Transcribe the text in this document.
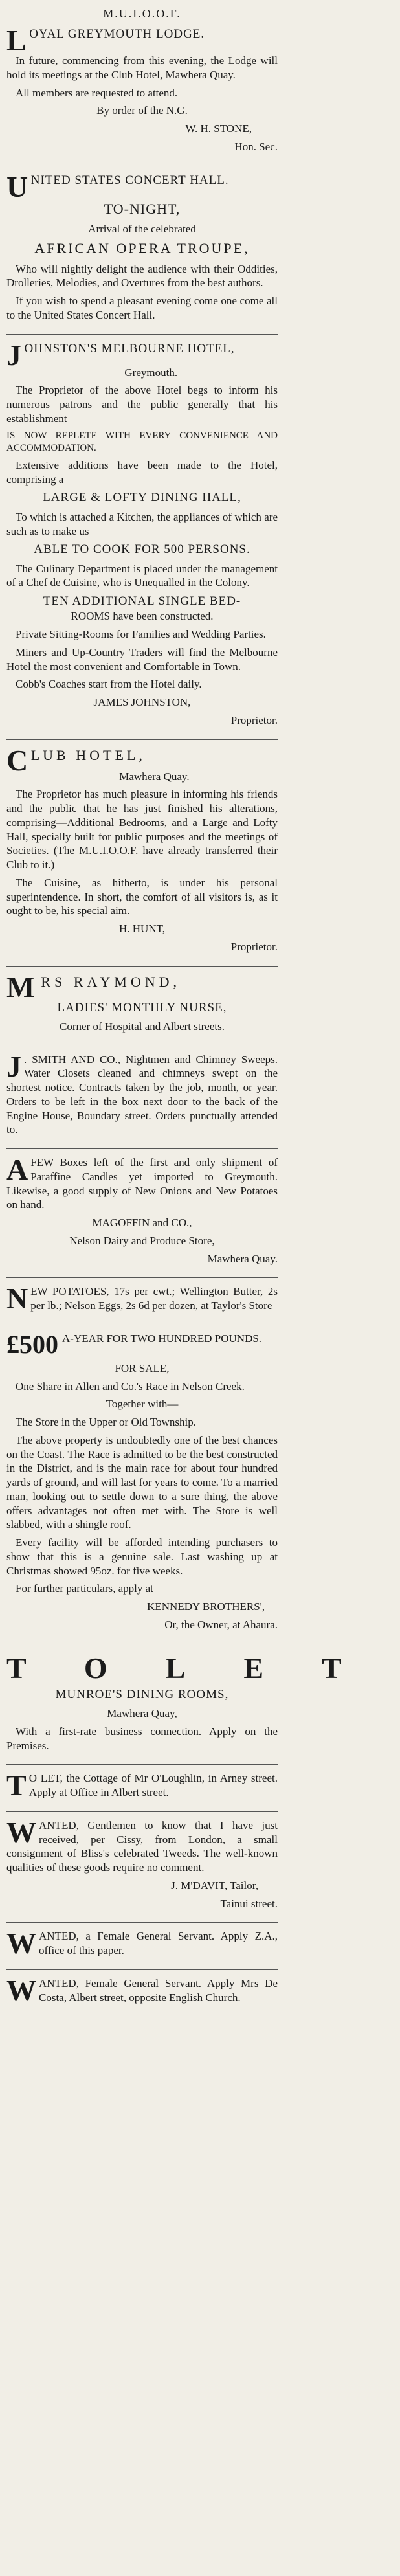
M.U.I.O.O.F.
LOYAL GREYMOUTH LODGE.

In future, commencing from this evening, the Lodge will hold its meetings at the Club Hotel, Mawhera Quay.

All members are requested to attend.

By order of the N.G.

W. H. STONE,

Hon. Sec.

UNITED STATES CONCERT HALL.

TO-NIGHT,

Arrival of the celebrated

AFRICAN OPERA TROUPE,

Who will nightly delight the audience with their Oddities, Drolleries, Melodies, and Overtures from the best authors.

If you wish to spend a pleasant evening come one come all to the United States Concert Hall.

JOHNSTON'S MELBOURNE HOTEL,

Greymouth.

The Proprietor of the above Hotel begs to inform his numerous patrons and the public generally that his establishment

IS NOW REPLETE WITH EVERY CONVENIENCE AND ACCOMMODATION.

Extensive additions have been made to the Hotel, comprising a

LARGE & LOFTY DINING HALL,

To which is attached a Kitchen, the appliances of which are such as to make us

ABLE TO COOK FOR 500 PERSONS.

The Culinary Department is placed under the management of a Chef de Cuisine, who is Unequalled in the Colony.

TEN ADDITIONAL SINGLE BED-

ROOMS have been constructed.

Private Sitting-Rooms for Families and Wedding Parties.

Miners and Up-Country Traders will find the Melbourne Hotel the most convenient and Comfortable in Town.

Cobb's Coaches start from the Hotel daily.

JAMES JOHNSTON,

Proprietor.

CLUB HOTEL,

Mawhera Quay.

The Proprietor has much pleasure in informing his friends and the public that he has just finished his alterations, comprising—Additional Bedrooms, and a Large and Lofty Hall, specially built for public purposes and the meetings of Societies. (The M.U.I.O.O.F. have already transferred their Club to it.)

The Cuisine, as hitherto, is under his personal superintendence. In short, the comfort of all visitors is, as it ought to be, his special aim.

H. HUNT,

Proprietor.

MRS RAYMOND,

LADIES' MONTHLY NURSE,

Corner of Hospital and Albert streets.

J . SMITH AND CO., Nightmen and Chimney Sweeps. Water Closets cleaned and chimneys swept on the shortest notice. Contracts taken by the job, month, or year. Orders to be left in the box next door to the back of the Engine House, Boundary street. Orders punctually attended to.

A FEW Boxes left of the first and only shipment of Paraffine Candles yet imported to Greymouth. Likewise, a good supply of New Onions and New Potatoes on hand.

MAGOFFIN and CO.,

Nelson Dairy and Produce Store,

Mawhera Quay.

NEW POTATOES, 17s per cwt.; Wellington Butter, 2s per lb.; Nelson Eggs, 2s 6d per dozen, at Taylor's Store

£500 A-YEAR FOR TWO HUNDRED POUNDS.

FOR SALE,

One Share in Allen and Co.'s Race in Nelson Creek.

Together with—

The Store in the Upper or Old Township.

The above property is undoubtedly one of the best chances on the Coast. The Race is admitted to be the best constructed in the District, and is the main race for about four hundred yards of ground, and will last for years to come. To a married man, looking out to settle down to a sure thing, the above offers advantages not often met with. The Store is well slabbed, with a shingle roof.

Every facility will be afforded intending purchasers to show that this is a genuine sale. Last washing up at Christmas showed 95oz. for five weeks.

For further particulars, apply at

KENNEDY BROTHERS',

Or, the Owner, at Ahaura.

TOLET

MUNROE'S DINING ROOMS,

Mawhera Quay,

With a first-rate business connection. Apply on the Premises.

T O LET, the Cottage of Mr O'Loughlin, in Arney street. Apply at Office in Albert street.

WANTED, Gentlemen to know that I have just received, per Cissy, from London, a small consignment of Bliss's celebrated Tweeds. The well-known qualities of these goods require no comment.

J. M'DAVIT, Tailor,

Tainui street.

WANTED, a Female General Servant. Apply Z.A., office of this paper.

WANTED, Female General Servant. Apply Mrs De Costa, Albert street, opposite English Church.
